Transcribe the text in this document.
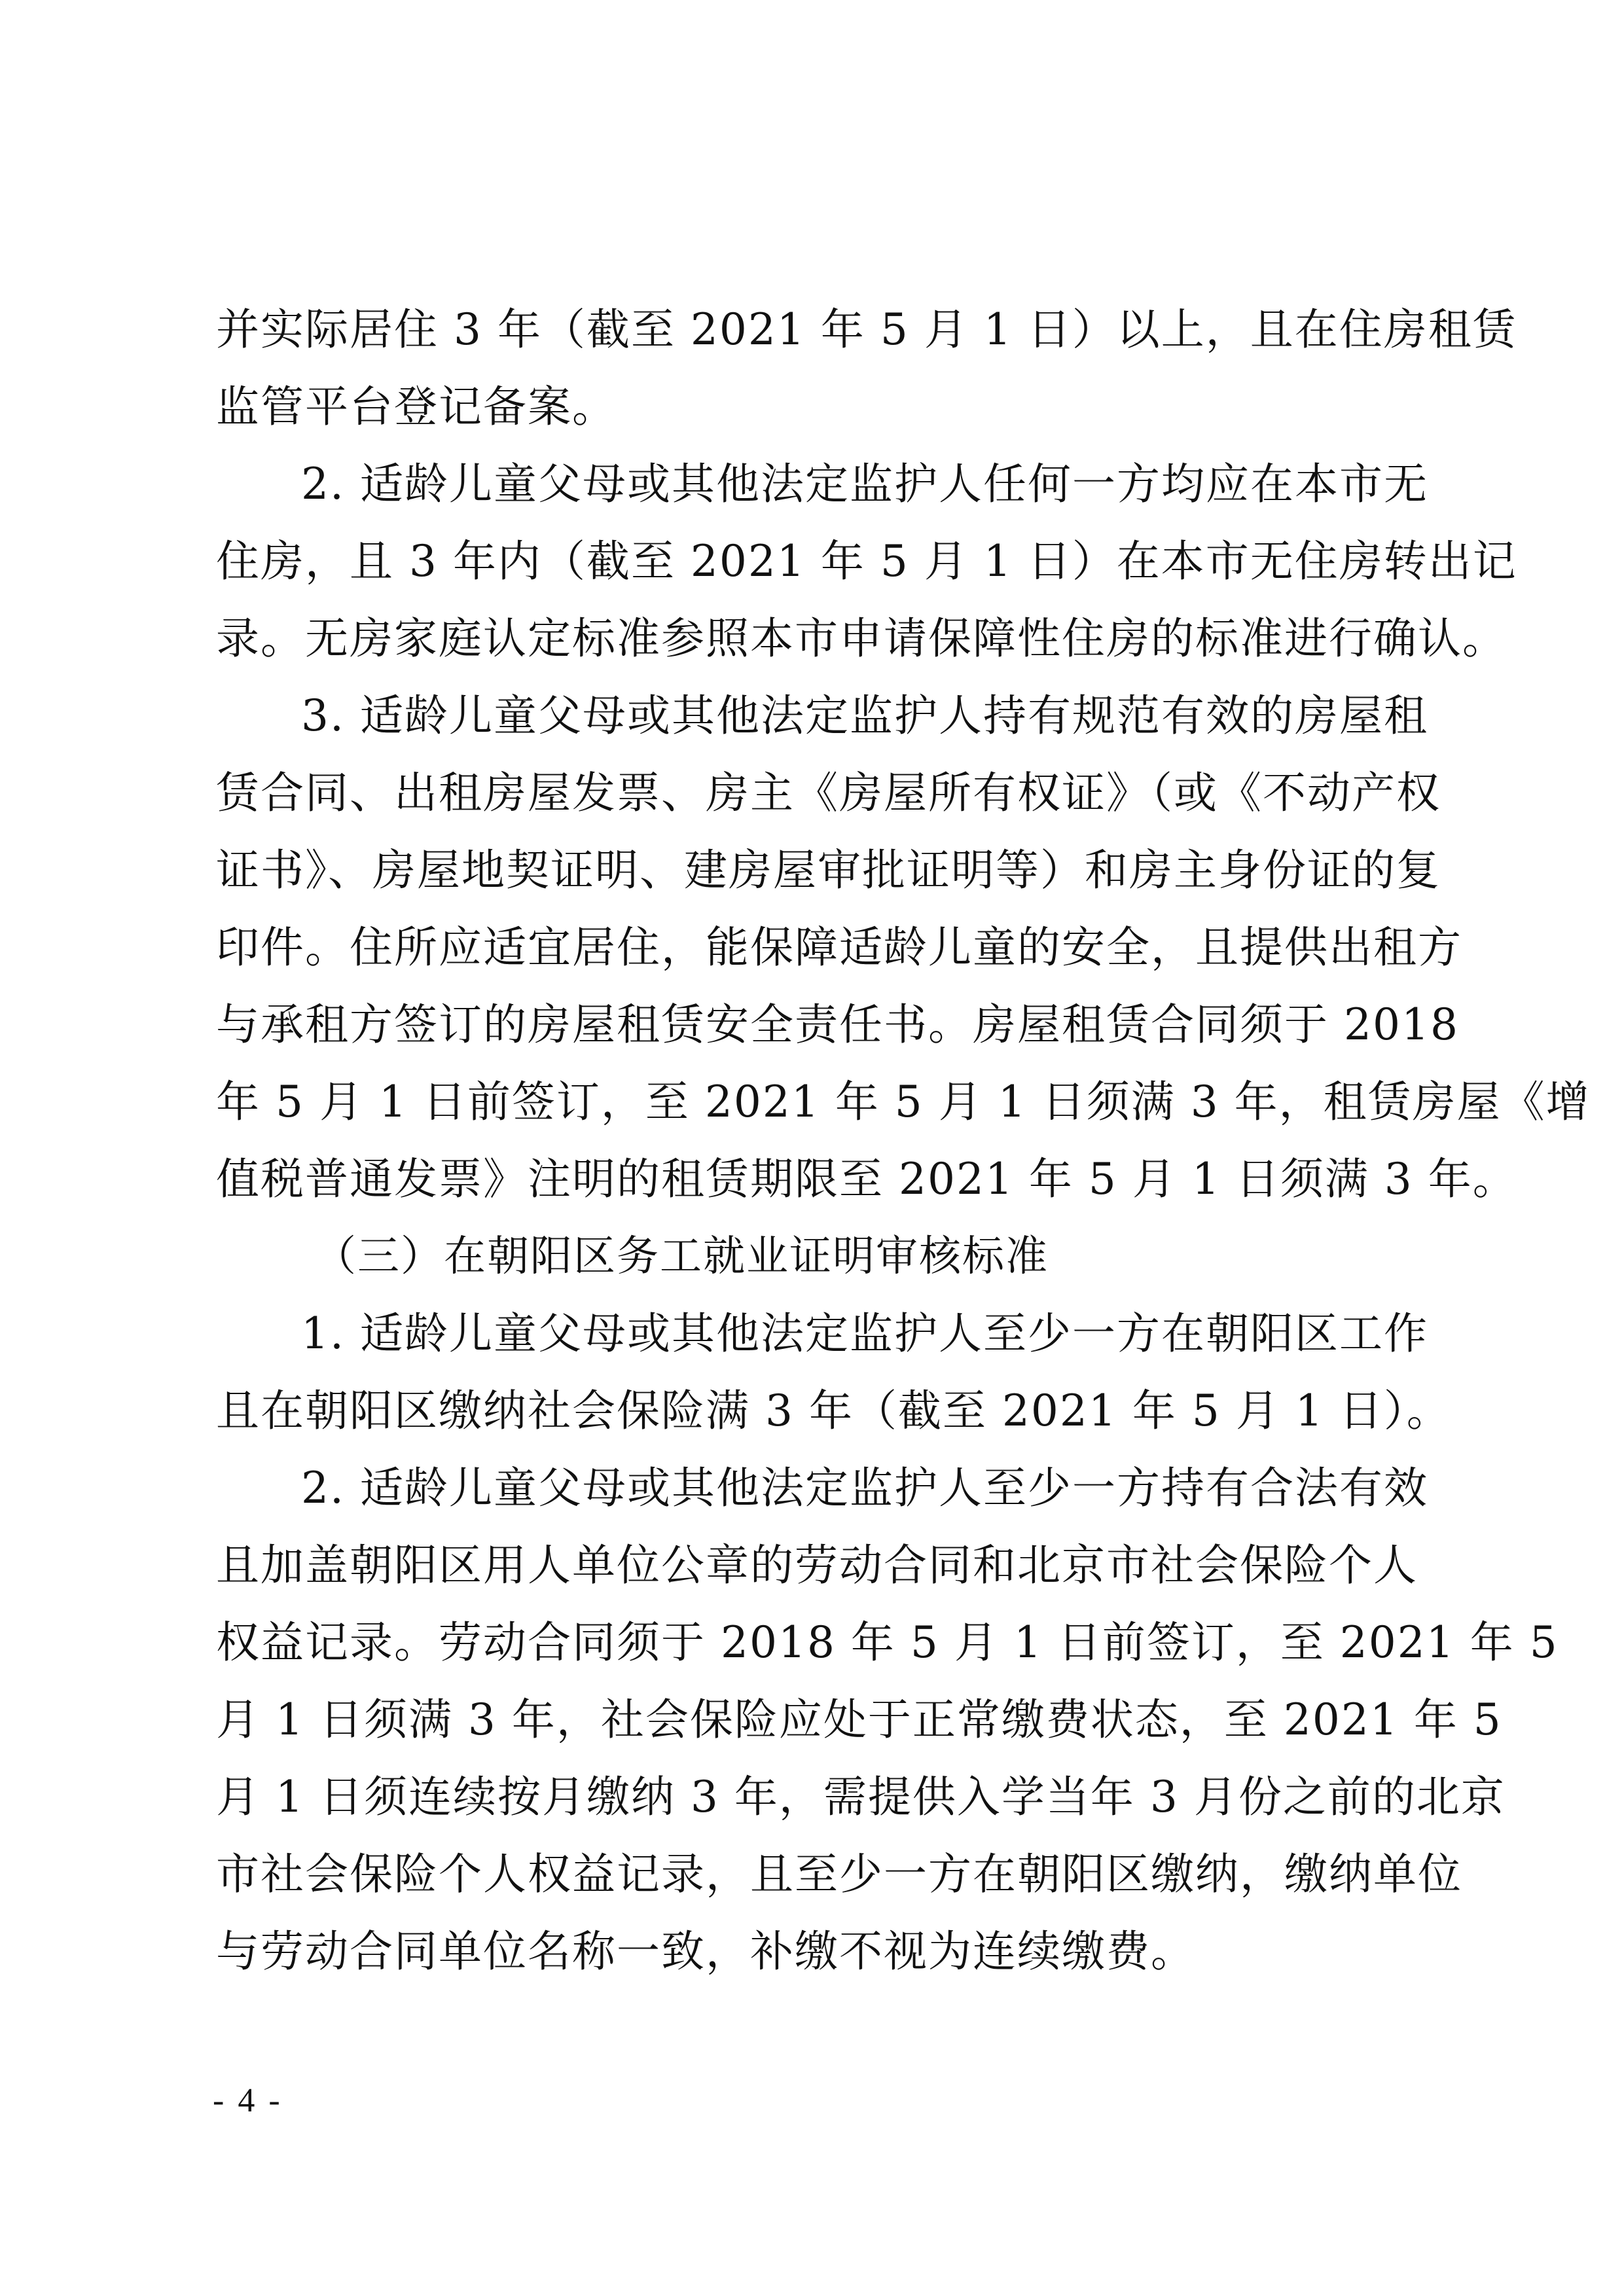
并实际居住 3 年（截至 2021 年 5 月 1 日）以上，且在住房租赁
监管平台登记备案。
2. 适龄儿童父母或其他法定监护人任何一方均应在本市无
住房，且 3 年内（截至 2021 年 5 月 1 日）在本市无住房转出记
录。无房家庭认定标准参照本市申请保障性住房的标准进行确认。
3. 适龄儿童父母或其他法定监护人持有规范有效的房屋租
赁合同、出租房屋发票、房主《房屋所有权证》（或《不动产权
证书》、房屋地契证明、建房屋审批证明等）和房主身份证的复
印件。住所应适宜居住，能保障适龄儿童的安全，且提供出租方
与承租方签订的房屋租赁安全责任书。房屋租赁合同须于 2018
年 5 月 1 日前签订，至 2021 年 5 月 1 日须满 3 年，租赁房屋《增
值税普通发票》注明的租赁期限至 2021 年 5 月 1 日须满 3 年。
（三）在朝阳区务工就业证明审核标准
1. 适龄儿童父母或其他法定监护人至少一方在朝阳区工作
且在朝阳区缴纳社会保险满 3 年（截至 2021 年 5 月 1 日）。
2. 适龄儿童父母或其他法定监护人至少一方持有合法有效
且加盖朝阳区用人单位公章的劳动合同和北京市社会保险个人
权益记录。劳动合同须于 2018 年 5 月 1 日前签订，至 2021 年 5
月 1 日须满 3 年，社会保险应处于正常缴费状态，至 2021 年 5
月 1 日须连续按月缴纳 3 年，需提供入学当年 3 月份之前的北京
市社会保险个人权益记录，且至少一方在朝阳区缴纳，缴纳单位
与劳动合同单位名称一致，补缴不视为连续缴费。
- 4 -
